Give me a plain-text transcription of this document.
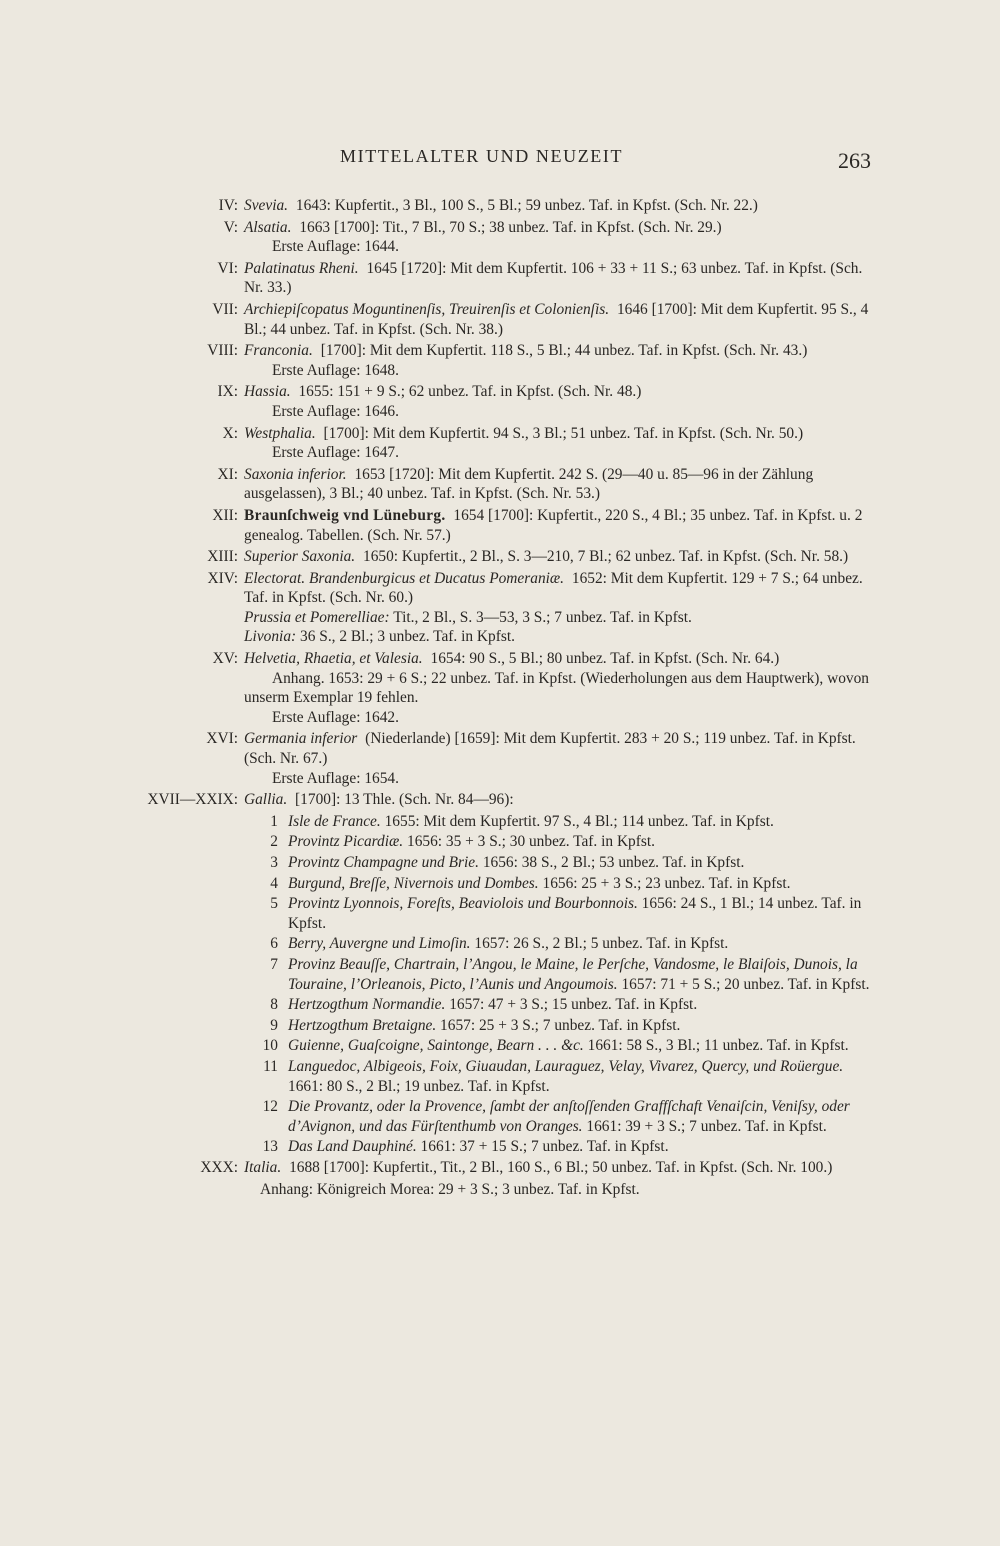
MITTELALTER UND NEUZEIT	263
IV: Svevia. 1643: Kupfertit., 3 Bl., 100 S., 5 Bl.; 59 unbez. Taf. in Kpfst. (Sch. Nr. 22.)
V: Alsatia. 1663 [1700]: Tit., 7 Bl., 70 S.; 38 unbez. Taf. in Kpfst. (Sch. Nr. 29.)
Erste Auflage: 1644.
VI: Palatinatus Rheni. 1645 [1720]: Mit dem Kupfertit. 106 + 33 + 11 S.; 63 unbez. Taf. in Kpfst. (Sch. Nr. 33.)
VII: Archiepiſcopatus Moguntinenſis, Treuirenſis et Colonienſis. 1646 [1700]: Mit dem Kupfertit. 95 S., 4 Bl.; 44 unbez. Taf. in Kpfst. (Sch. Nr. 38.)
VIII: Franconia. [1700]: Mit dem Kupfertit. 118 S., 5 Bl.; 44 unbez. Taf. in Kpfst. (Sch. Nr. 43.)
Erste Auflage: 1648.
IX: Hassia. 1655: 151 + 9 S.; 62 unbez. Taf. in Kpfst. (Sch. Nr. 48.)
Erste Auflage: 1646.
X: Westphalia. [1700]: Mit dem Kupfertit. 94 S., 3 Bl.; 51 unbez. Taf. in Kpfst. (Sch. Nr. 50.)
Erste Auflage: 1647.
XI: Saxonia inferior. 1653 [1720]: Mit dem Kupfertit. 242 S. (29—40 u. 85—96 in der Zählung ausgelassen), 3 Bl.; 40 unbez. Taf. in Kpfst. (Sch. Nr. 53.)
XII: Braunſchweig vnd Lüneburg. 1654 [1700]: Kupfertit., 220 S., 4 Bl.; 35 unbez. Taf. in Kpfst. u. 2 genealog. Tabellen. (Sch. Nr. 57.)
XIII: Superior Saxonia. 1650: Kupfertit., 2 Bl., S. 3—210, 7 Bl.; 62 unbez. Taf. in Kpfst. (Sch. Nr. 58.)
XIV: Electorat. Brandenburgicus et Ducatus Pomeraniæ. 1652: Mit dem Kupfertit. 129 + 7 S.; 64 unbez. Taf. in Kpfst. (Sch. Nr. 60.)
Prussia et Pomerelliae: Tit., 2 Bl., S. 3—53, 3 S.; 7 unbez. Taf. in Kpfst.
Livonia: 36 S., 2 Bl.; 3 unbez. Taf. in Kpfst.
XV: Helvetia, Rhaetia, et Valesia. 1654: 90 S., 5 Bl.; 80 unbez. Taf. in Kpfst. (Sch. Nr. 64.)
Anhang. 1653: 29 + 6 S.; 22 unbez. Taf. in Kpfst. (Wiederholungen aus dem Hauptwerk), wovon unserm Exemplar 19 fehlen.
Erste Auflage: 1642.
XVI: Germania inferior (Niederlande) [1659]: Mit dem Kupfertit. 283 + 20 S.; 119 unbez. Taf. in Kpfst. (Sch. Nr. 67.)
Erste Auflage: 1654.
XVII—XXIX: Gallia. [1700]: 13 Thle. (Sch. Nr. 84—96):
1 Isle de France. 1655: Mit dem Kupfertit. 97 S., 4 Bl.; 114 unbez. Taf. in Kpfst.
2 Provintz Picardiæ. 1656: 35 + 3 S.; 30 unbez. Taf. in Kpfst.
3 Provintz Champagne und Brie. 1656: 38 S., 2 Bl.; 53 unbez. Taf. in Kpfst.
4 Burgund, Breſſe, Nivernois und Dombes. 1656: 25 + 3 S.; 23 unbez. Taf. in Kpfst.
5 Provintz Lyonnois, Foreſts, Beaviolois und Bourbonnois. 1656: 24 S., 1 Bl.; 14 unbez. Taf. in Kpfst.
6 Berry, Auvergne und Limoſin. 1657: 26 S., 2 Bl.; 5 unbez. Taf. in Kpfst.
7 Provinz Beauſſe, Chartrain, l’Angou, le Maine, le Perſche, Vandosme, le Blaiſois, Dunois, la Touraine, l’Orleanois, Picto, l’Aunis und Angoumois. 1657: 71 + 5 S.; 20 unbez. Taf. in Kpfst.
8 Hertzogthum Normandie. 1657: 47 + 3 S.; 15 unbez. Taf. in Kpfst.
9 Hertzogthum Bretaigne. 1657: 25 + 3 S.; 7 unbez. Taf. in Kpfst.
10 Guienne, Guaſcoigne, Saintonge, Bearn . . . &c. 1661: 58 S., 3 Bl.; 11 unbez. Taf. in Kpfst.
11 Languedoc, Albigeois, Foix, Giuaudan, Lauraguez, Velay, Vivarez, Quercy, und Roüergue. 1661: 80 S., 2 Bl.; 19 unbez. Taf. in Kpfst.
12 Die Provantz, oder la Provence, ſambt der anſtoſſenden Graffſchaft Venaiſcin, Veniſsy, oder d’Avignon, und das Fürſtenthumb von Oranges. 1661: 39 + 3 S.; 7 unbez. Taf. in Kpfst.
13 Das Land Dauphiné. 1661: 37 + 15 S.; 7 unbez. Taf. in Kpfst.
XXX: Italia. 1688 [1700]: Kupfertit., Tit., 2 Bl., 160 S., 6 Bl.; 50 unbez. Taf. in Kpfst. (Sch. Nr. 100.)
Anhang: Königreich Morea: 29 + 3 S.; 3 unbez. Taf. in Kpfst.
